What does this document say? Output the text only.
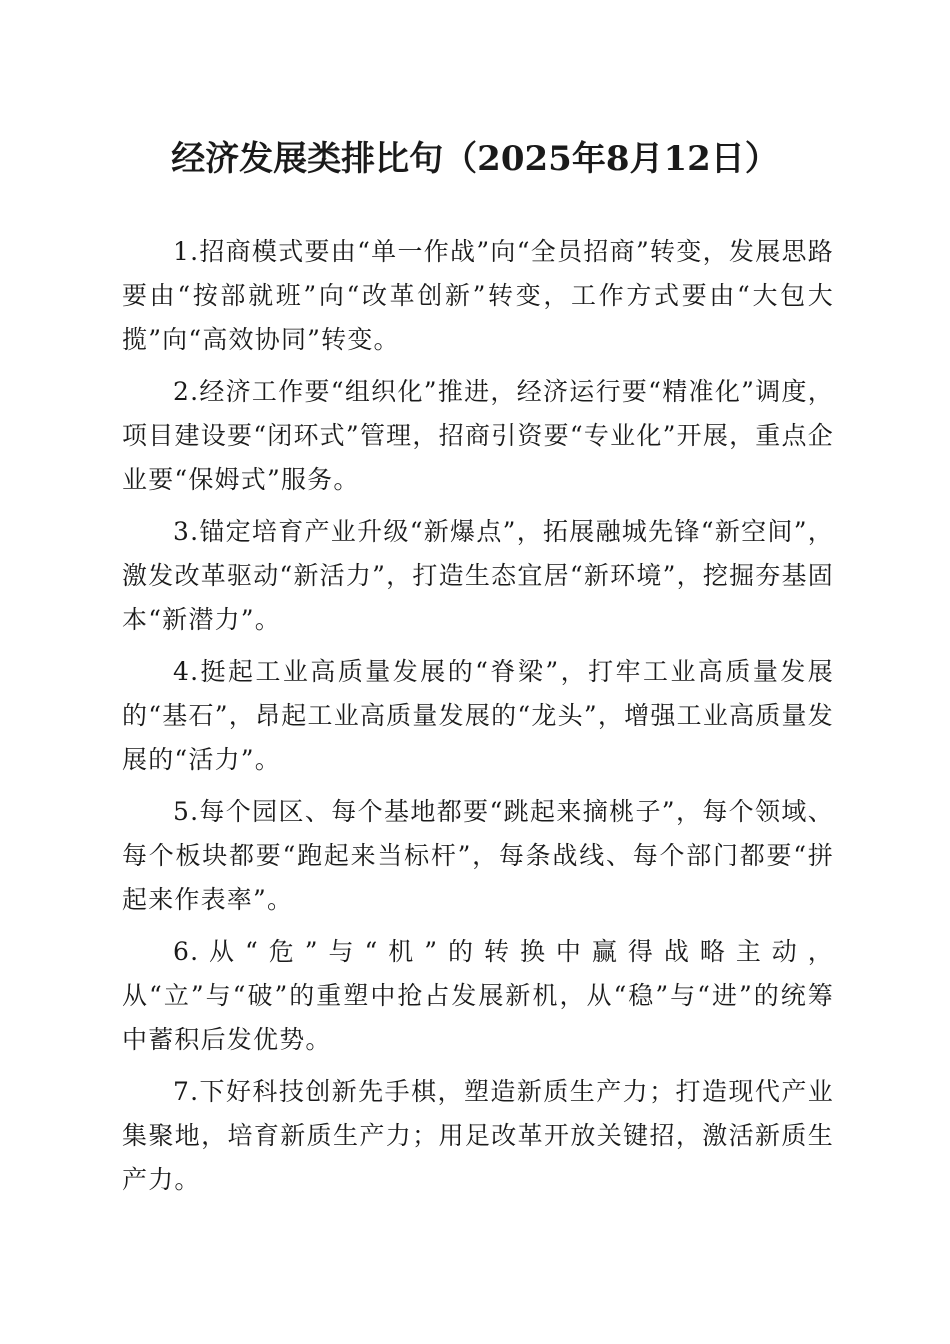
经济发展类排比句（2025年8月12日）

1.招商模式要由“单一作战”向“全员招商”转变，发展思路要由“按部就班”向“改革创新”转变，工作方式要由“大包大揽”向“高效协同”转变。

2.经济工作要“组织化”推进，经济运行要“精准化”调度，项目建设要“闭环式”管理，招商引资要“专业化”开展，重点企业要“保姆式”服务。

3.锚定培育产业升级“新爆点”，拓展融城先锋“新空间”，激发改革驱动“新活力”，打造生态宜居“新环境”，挖掘夯基固本“新潜力”。

4.挺起工业高质量发展的“脊梁”，打牢工业高质量发展的“基石”，昂起工业高质量发展的“龙头”，增强工业高质量发展的“活力”。

5.每个园区、每个基地都要“跳起来摘桃子”，每个领域、每个板块都要“跑起来当标杆”，每条战线、每个部门都要“拼起来作表率”。

6.从“危”与“机”的转换中赢得战略主动，从“立”与“破”的重塑中抢占发展新机，从“稳”与“进”的统筹中蓄积后发优势。

7.下好科技创新先手棋，塑造新质生产力；打造现代产业集聚地，培育新质生产力；用足改革开放关键招，激活新质生产力。
